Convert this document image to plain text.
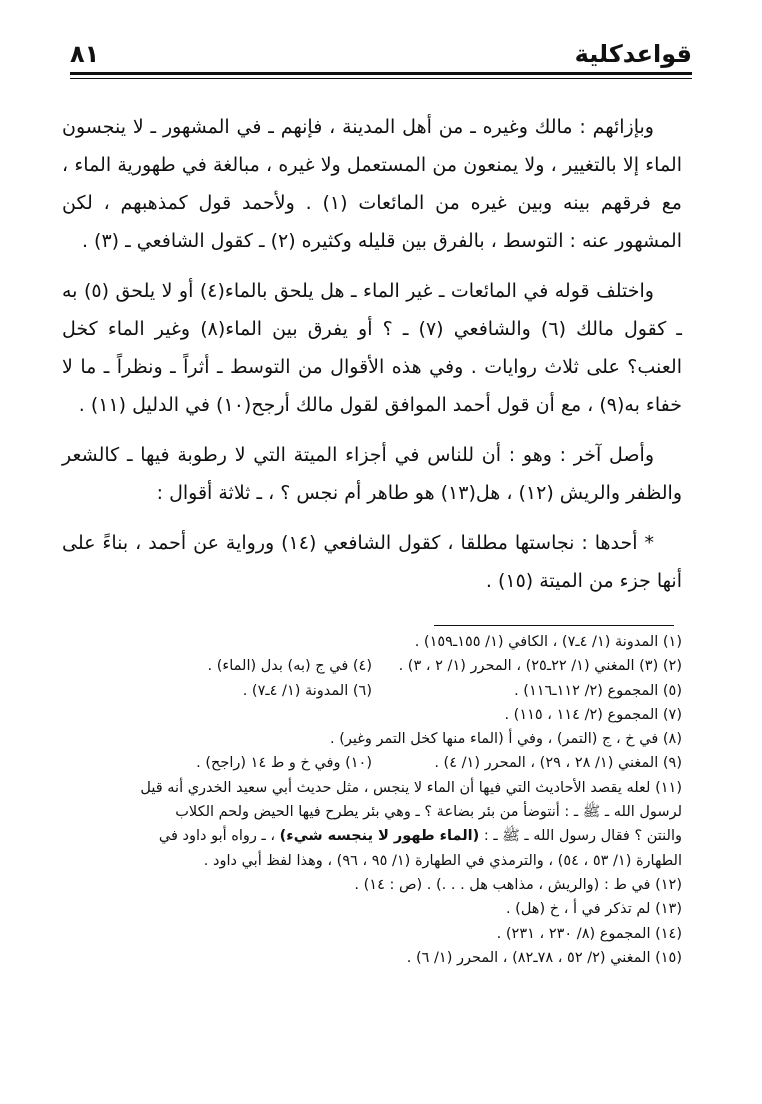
قواعدكلية
٨١

وبإزائهم : مالك وغيره ـ من أهل المدينة ، فإنهم ـ في المشهور ـ لا ينجسون الماء إلا بالتغيير ، ولا يمنعون من المستعمل ولا غيره ، مبالغة في طهورية الماء ، مع فرقهم بينه وبين غيره من المائعات (١) . ولأحمد قول كمذهبهم ، لكن المشهور عنه : التوسط ، بالفرق بين قليله وكثيره (٢) ـ كقول الشافعي ـ (٣) .

واختلف قوله في المائعات ـ غير الماء ـ هل يلحق بالماء(٤) أو لا يلحق (٥) به ـ كقول مالك (٦) والشافعي (٧) ـ ؟ أو يفرق بين الماء(٨) وغير الماء كخل العنب؟ على ثلاث روايات . وفي هذه الأقوال من التوسط ـ أثراً ـ ونظراً ـ ما لا خفاء به(٩) ، مع أن قول أحمد الموافق لقول مالك أرجح(١٠) في الدليل (١١) .

وأصل آخر : وهو : أن للناس في أجزاء الميتة التي لا رطوبة فيها ـ كالشعر والظفر والريش (١٢) ، هل(١٣) هو طاهر أم نجس ؟ ، ـ ثلاثة أقوال :

* أحدها : نجاستها مطلقا ، كقول الشافعي (١٤) ورواية عن أحمد ، بناءً على أنها جزء من الميتة (١٥) .

(١) المدونة (١/ ٤ـ٧) ، الكافي (١/ ١٥٥ـ١٥٩) .

(٢) (٣) المغني (١/ ٢٢ـ٢٥) ، المحرر (١/ ٢ ، ٣) .

(٤) في ج (به) بدل (الماء) .

(٥) المجموع (٢/ ١١٢ـ١١٦) .

(٦) المدونة (١/ ٤ـ٧) .

(٧) المجموع (٢/ ١١٤ ، ١١٥) .

(٨) في خ ، ج (التمر) ، وفي أ (الماء منها كخل التمر وغير) .

(٩) المغني (١/ ٢٨ ، ٢٩) ، المحرر (١/ ٤) .

(١٠) وفي خ و ط ١٤ (راجح) .

(١١) لعله يقصد الأحاديث التي فيها أن الماء لا ينجس ، مثل حديث أبي سعيد الخدري أنه قيل

لرسول الله ـ ﷺ ـ : أنتوضأ من بئر بضاعة ؟ ـ وهي بئر يطرح فيها الحيض ولحم الكلاب

والنتن ؟ فقال رسول الله ـ ﷺ ـ : (الماء طهور لا ينجسه شيء) ، ـ رواه أبو داود في

الطهارة (١/ ٥٣ ، ٥٤) ، والترمذي في الطهارة (١/ ٩٥ ، ٩٦) ، وهذا لفظ أبي داود .

(١٢) في ط : (والريش ، مذاهب هل . . .) . (ص : ١٤) .

(١٣) لم تذكر في أ ، خ (هل) .

(١٤) المجموع (٨/ ٢٣٠ ، ٢٣١) .

(١٥) المغني (٢/ ٥٢ ، ٧٨ـ٨٢) ، المحرر (١/ ٦) .
